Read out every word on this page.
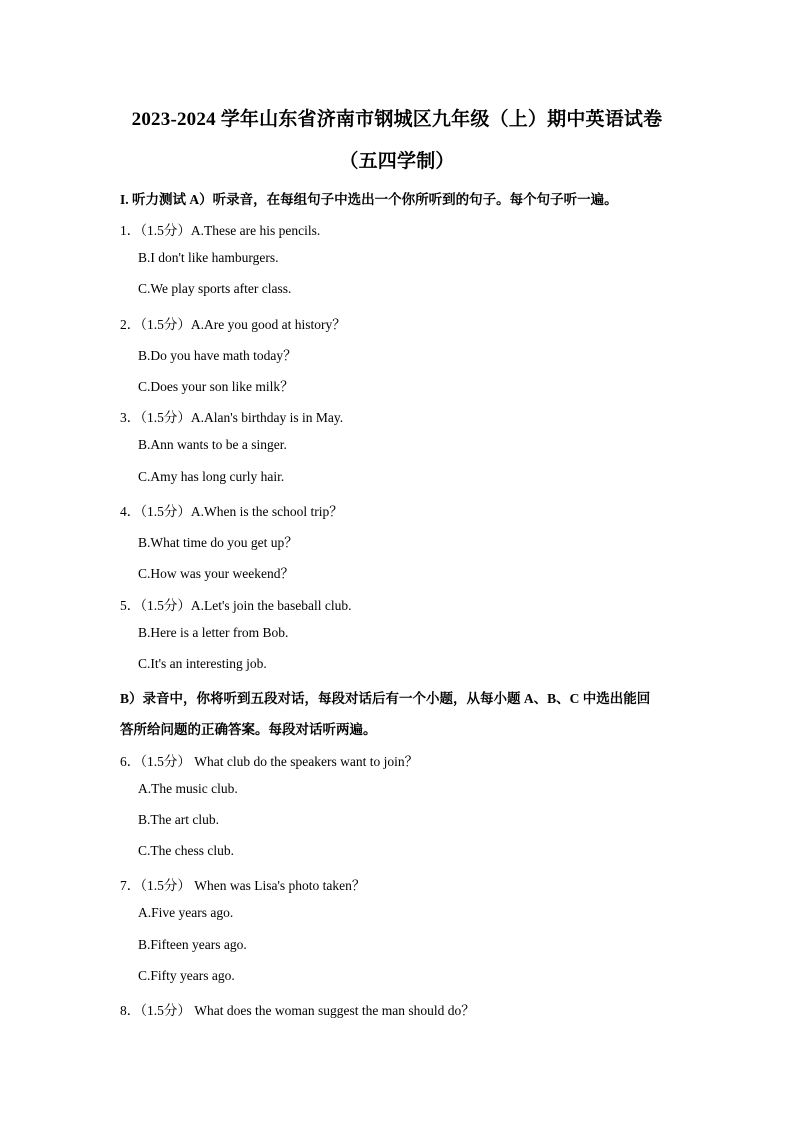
2023-2024 学年山东省济南市钢城区九年级（上）期中英语试卷
（五四学制）
I. 听力测试 A）听录音，在每组句子中选出一个你所听到的句子。每个句子听一遍。
1．（1.5分）A.These are his pencils.
B.I don't like hamburgers.
C.We play sports after class.
2．（1.5分）A.Are you good at history？
B.Do you have math today？
C.Does your son like milk？
3．（1.5分）A.Alan's birthday is in May.
B.Ann wants to be a singer.
C.Amy has long curly hair.
4．（1.5分）A.When is the school trip？
B.What time do you get up？
C.How was your weekend？
5．（1.5分）A.Let's join the baseball club.
B.Here is a letter from Bob.
C.It's an interesting job.
B）录音中，你将听到五段对话，每段对话后有一个小题，从每小题 A、B、C 中选出能回
答所给问题的正确答案。每段对话听两遍。
6．（1.5分） What club do the speakers want to join？
A.The music club.
B.The art club.
C.The chess club.
7．（1.5分） When was Lisa's photo taken？
A.Five years ago.
B.Fifteen years ago.
C.Fifty years ago.
8．（1.5分） What does the woman suggest the man should do？
